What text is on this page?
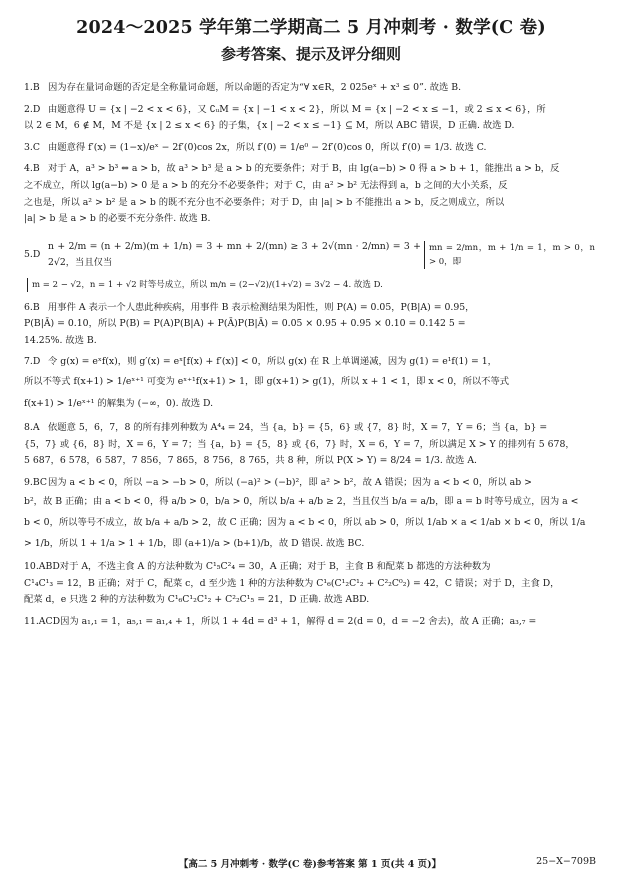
2024～2025 学年第二学期高二 5 月冲刺考 · 数学(C 卷)
参考答案、提示及评分细则

1.B 因为存在量词命题的否定是全称量词命题，所以命题的否定为“∀ x∈R，2 025eˣ + x³ ≤ 0”. 故选 B.

2.D 由题意得 U = {x | −2 < x < 6}，又 ∁ᵤM = {x | −1 < x < 2}，所以 M = {x | −2 < x ≤ −1，或 2 ≤ x < 6}，所

以 2 ∈ M，6 ∉ M，M 不是 {x | 2 ≤ x < 6} 的子集，{x | −2 < x ≤ −1} ⊆ M，所以 ABC 错误，D 正确. 故选 D.

3.C 由题意得 f′(x) = (1−x)/eˣ − 2f′(0)cos 2x，所以 f′(0) = 1/e⁰ − 2f′(0)cos 0，所以 f′(0) = 1/3. 故选 C.

4.B 对于 A，a³ > b³ ⇔ a > b，故 a³ > b³ 是 a > b 的充要条件；对于 B，由 lg(a−b) > 0 得 a > b + 1，能推出 a > b，反

之不成立，所以 lg(a−b) > 0 是 a > b 的充分不必要条件；对于 C，由 a² > b² 无法得到 a，b 之间的大小关系，反

之也是，所以 a² > b² 是 a > b 的既不充分也不必要条件；对于 D，由 |a| > b 不能推出 a > b，反之则成立，所以

|a| > b 是 a > b 的必要不充分条件. 故选 B.

5.D
n + 2/m = (n + 2/m)(m + 1/n) = 3 + mn + 2/(mn) ≥ 3 + 2√(mn · 2/mn) = 3 + 2√2，当且仅当
mn = 2/mn，m + 1/n = 1，m > 0，n > 0，即

m = 2 − √2，n = 1 + √2 时等号成立，所以 m/n = (2−√2)/(1+√2) = 3√2 − 4. 故选 D.

6.B 用事件 A 表示一个人患此种疾病，用事件 B 表示检测结果为阳性，则 P(A) = 0.05，P(B|A) = 0.95，

P(B|Ā) = 0.10，所以 P(B) = P(A)P(B|A) + P(Ā)P(B|Ā) = 0.05 × 0.95 + 0.95 × 0.10 = 0.142 5 =

14.25%. 故选 B.

7.D 令 g(x) = eˣf(x)，则 g′(x) = eˣ[f(x) + f′(x)] < 0，所以 g(x) 在 R 上单调递减，因为 g(1) = e¹f(1) = 1，

所以不等式 f(x+1) > 1/eˣ⁺¹ 可变为 eˣ⁺¹f(x+1) > 1，即 g(x+1) > g(1)，所以 x + 1 < 1，即 x < 0，所以不等式

f(x+1) > 1/eˣ⁺¹ 的解集为 (−∞，0). 故选 D.

8.A 依题意 5，6，7，8 的所有排列种数为 A⁴₄ = 24，当 {a，b} = {5，6} 或 {7，8} 时，X = 7，Y = 6；当 {a，b} =

{5，7} 或 {6，8} 时，X = 6，Y = 7；当 {a，b} = {5，8} 或 {6，7} 时，X = 6，Y = 7，所以满足 X > Y 的排列有 5 678，

5 687，6 578，6 587，7 856，7 865，8 756，8 765，共 8 种，所以 P(X > Y) = 8/24 = 1/3. 故选 A.

9.BC因为 a < b < 0，所以 −a > −b > 0，所以 (−a)² > (−b)²，即 a² > b²，故 A 错误；因为 a < b < 0，所以 ab >

b²，故 B 正确；由 a < b < 0，得 a/b > 0，b/a > 0，所以 b/a + a/b ≥ 2，当且仅当 b/a = a/b，即 a = b 时等号成立，因为 a <

b < 0，所以等号不成立，故 b/a + a/b > 2，故 C 正确；因为 a < b < 0，所以 ab > 0，所以 1/ab × a < 1/ab × b < 0，所以 1/a

> 1/b，所以 1 + 1/a > 1 + 1/b，即 (a+1)/a > (b+1)/b，故 D 错误. 故选 BC.

10.ABD对于 A，不选主食 A 的方法种数为 C¹₅C²₄ = 30，A 正确；对于 B，主食 B 和配菜 b 都选的方法种数为

C¹₄C¹₃ = 12，B 正确；对于 C，配菜 c，d 至少选 1 种的方法种数为 C¹₆(C¹₂C¹₂ + C²₂C⁰₂) = 42，C 错误；对于 D，主食 D，

配菜 d，e 只选 2 种的方法种数为 C¹₆C¹₂C¹₂ + C²₂C¹₅ = 21，D 正确. 故选 ABD.

11.ACD因为 a₁,₁ = 1，a₅,₁ = a₁,₄ + 1，所以 1 + 4d = d³ + 1，解得 d = 2(d = 0，d = −2 舍去)，故 A 正确；a₃,₇ =

【高二 5 月冲刺考 · 数学(C 卷)参考答案 第 1 页(共 4 页)】	25−X−709B
